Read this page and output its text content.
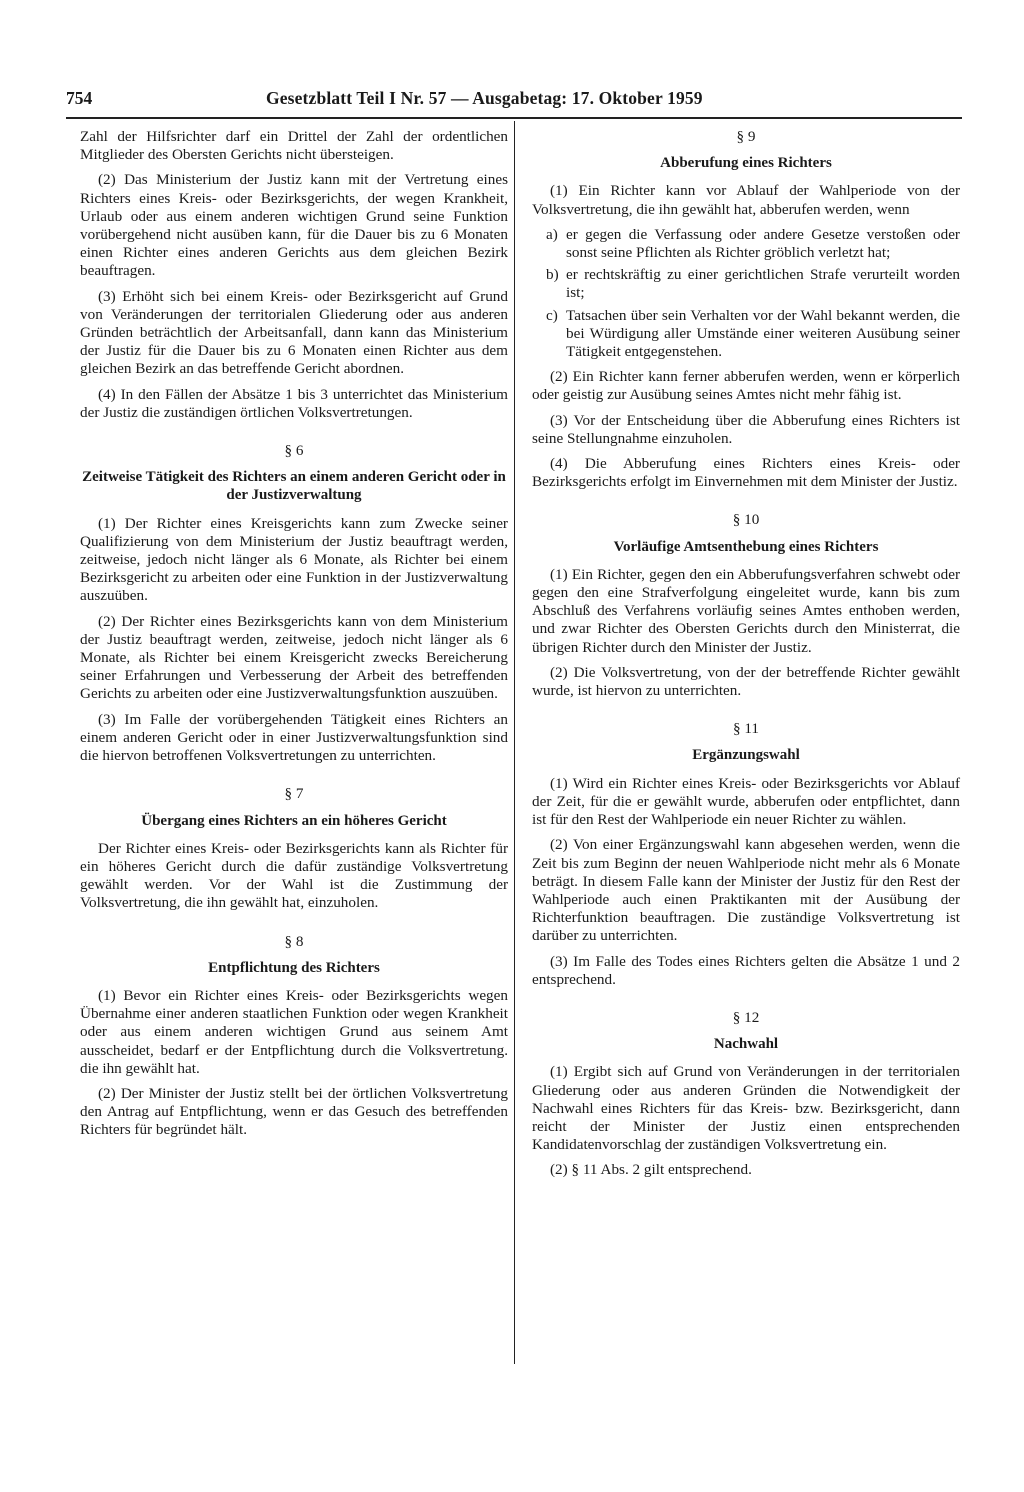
754	Gesetzblatt Teil I Nr. 57 — Ausgabetag: 17. Oktober 1959

Zahl der Hilfsrichter darf ein Drittel der Zahl der ordentlichen Mitglieder des Obersten Gerichts nicht übersteigen.

(2) Das Ministerium der Justiz kann mit der Vertretung eines Richters eines Kreis- oder Bezirksgerichts, der wegen Krankheit, Urlaub oder aus einem anderen wichtigen Grund seine Funktion vorübergehend nicht ausüben kann, für die Dauer bis zu 6 Monaten einen Richter eines anderen Gerichts aus dem gleichen Bezirk beauftragen.

(3) Erhöht sich bei einem Kreis- oder Bezirksgericht auf Grund von Veränderungen der territorialen Gliederung oder aus anderen Gründen beträchtlich der Arbeitsanfall, dann kann das Ministerium der Justiz für die Dauer bis zu 6 Monaten einen Richter aus dem gleichen Bezirk an das betreffende Gericht abordnen.

(4) In den Fällen der Absätze 1 bis 3 unterrichtet das Ministerium der Justiz die zuständigen örtlichen Volksvertretungen.

§ 6
Zeitweise Tätigkeit des Richters an einem anderen Gericht oder in der Justizverwaltung

(1) Der Richter eines Kreisgerichts kann zum Zwecke seiner Qualifizierung von dem Ministerium der Justiz beauftragt werden, zeitweise, jedoch nicht länger als 6 Monate, als Richter bei einem Bezirksgericht zu arbeiten oder eine Funktion in der Justizverwaltung auszuüben.

(2) Der Richter eines Bezirksgerichts kann von dem Ministerium der Justiz beauftragt werden, zeitweise, jedoch nicht länger als 6 Monate, als Richter bei einem Kreisgericht zwecks Bereicherung seiner Erfahrungen und Verbesserung der Arbeit des betreffenden Gerichts zu arbeiten oder eine Justizverwaltungsfunktion auszuüben.

(3) Im Falle der vorübergehenden Tätigkeit eines Richters an einem anderen Gericht oder in einer Justizverwaltungsfunktion sind die hiervon betroffenen Volksvertretungen zu unterrichten.

§ 7
Übergang eines Richters an ein höheres Gericht

Der Richter eines Kreis- oder Bezirksgerichts kann als Richter für ein höheres Gericht durch die dafür zuständige Volksvertretung gewählt werden. Vor der Wahl ist die Zustimmung der Volksvertretung, die ihn gewählt hat, einzuholen.

§ 8
Entpflichtung des Richters

(1) Bevor ein Richter eines Kreis- oder Bezirksgerichts wegen Übernahme einer anderen staatlichen Funktion oder wegen Krankheit oder aus einem anderen wichtigen Grund aus seinem Amt ausscheidet, bedarf er der Entpflichtung durch die Volksvertretung. die ihn gewählt hat.

(2) Der Minister der Justiz stellt bei der örtlichen Volksvertretung den Antrag auf Entpflichtung, wenn er das Gesuch des betreffenden Richters für begründet hält.

§ 9
Abberufung eines Richters

(1) Ein Richter kann vor Ablauf der Wahlperiode von der Volksvertretung, die ihn gewählt hat, abberufen werden, wenn

a) er gegen die Verfassung oder andere Gesetze verstoßen oder sonst seine Pflichten als Richter gröblich verletzt hat;
b) er rechtskräftig zu einer gerichtlichen Strafe verurteilt worden ist;
c) Tatsachen über sein Verhalten vor der Wahl bekannt werden, die bei Würdigung aller Umstände einer weiteren Ausübung seiner Tätigkeit entgegenstehen.

(2) Ein Richter kann ferner abberufen werden, wenn er körperlich oder geistig zur Ausübung seines Amtes nicht mehr fähig ist.

(3) Vor der Entscheidung über die Abberufung eines Richters ist seine Stellungnahme einzuholen.

(4) Die Abberufung eines Richters eines Kreis- oder Bezirksgerichts erfolgt im Einvernehmen mit dem Minister der Justiz.

§ 10
Vorläufige Amtsenthebung eines Richters

(1) Ein Richter, gegen den ein Abberufungsverfahren schwebt oder gegen den eine Strafverfolgung eingeleitet wurde, kann bis zum Abschluß des Verfahrens vorläufig seines Amtes enthoben werden, und zwar Richter des Obersten Gerichts durch den Ministerrat, die übrigen Richter durch den Minister der Justiz.

(2) Die Volksvertretung, von der der betreffende Richter gewählt wurde, ist hiervon zu unterrichten.

§ 11
Ergänzungswahl

(1) Wird ein Richter eines Kreis- oder Bezirksgerichts vor Ablauf der Zeit, für die er gewählt wurde, abberufen oder entpflichtet, dann ist für den Rest der Wahlperiode ein neuer Richter zu wählen.

(2) Von einer Ergänzungswahl kann abgesehen werden, wenn die Zeit bis zum Beginn der neuen Wahlperiode nicht mehr als 6 Monate beträgt. In diesem Falle kann der Minister der Justiz für den Rest der Wahlperiode auch einen Praktikanten mit der Ausübung der Richterfunktion beauftragen. Die zuständige Volksvertretung ist darüber zu unterrichten.

(3) Im Falle des Todes eines Richters gelten die Absätze 1 und 2 entsprechend.

§ 12
Nachwahl

(1) Ergibt sich auf Grund von Veränderungen in der territorialen Gliederung oder aus anderen Gründen die Notwendigkeit der Nachwahl eines Richters für das Kreis- bzw. Bezirksgericht, dann reicht der Minister der Justiz einen entsprechenden Kandidatenvorschlag der zuständigen Volksvertretung ein.

(2) § 11 Abs. 2 gilt entsprechend.
